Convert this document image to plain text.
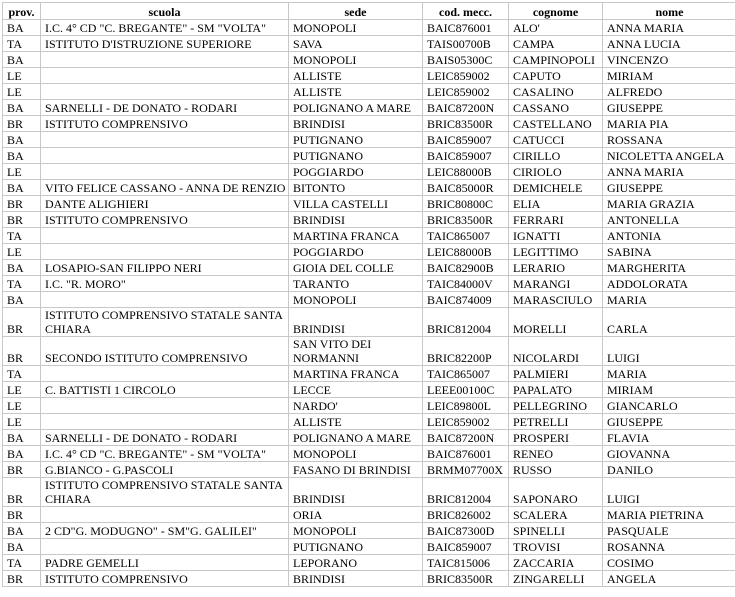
prov.	scuola	sede	cod. mecc.	cognome	nome
BA	I.C. 4° CD "C. BREGANTE" - SM "VOLTA"	MONOPOLI	BAIC876001	ALO'	ANNA MARIA
TA	ISTITUTO D'ISTRUZIONE SUPERIORE	SAVA	TAIS00700B	CAMPA	ANNA LUCIA
BA		MONOPOLI	BAIS05300C	CAMPINOPOLI	VINCENZO
LE		ALLISTE	LEIC859002	CAPUTO	MIRIAM
LE		ALLISTE	LEIC859002	CASALINO	ALFREDO
BA	SARNELLI - DE DONATO - RODARI	POLIGNANO A MARE	BAIC87200N	CASSANO	GIUSEPPE
BR	ISTITUTO COMPRENSIVO	BRINDISI	BRIC83500R	CASTELLANO	MARIA PIA
BA		PUTIGNANO	BAIC859007	CATUCCI	ROSSANA
BA		PUTIGNANO	BAIC859007	CIRILLO	NICOLETTA ANGELA
LE		POGGIARDO	LEIC88000B	CIRIOLO	ANNA MARIA
BA	VITO FELICE CASSANO - ANNA DE RENZIO	BITONTO	BAIC85000R	DEMICHELE	GIUSEPPE
BR	DANTE ALIGHIERI	VILLA CASTELLI	BRIC80800C	ELIA	MARIA GRAZIA
BR	ISTITUTO COMPRENSIVO	BRINDISI	BRIC83500R	FERRARI	ANTONELLA
TA		MARTINA FRANCA	TAIC865007	IGNATTI	ANTONIA
LE		POGGIARDO	LEIC88000B	LEGITTIMO	SABINA
BA	LOSAPIO-SAN FILIPPO NERI	GIOIA DEL COLLE	BAIC82900B	LERARIO	MARGHERITA
TA	I.C. "R. MORO"	TARANTO	TAIC84000V	MARANGI	ADDOLORATA
BA		MONOPOLI	BAIC874009	MARASCIULO	MARIA
BR	ISTITUTO COMPRENSIVO STATALE SANTA CHIARA	BRINDISI	BRIC812004	MORELLI	CARLA
BR	SECONDO ISTITUTO COMPRENSIVO	SAN VITO DEI NORMANNI	BRIC82200P	NICOLARDI	LUIGI
TA		MARTINA FRANCA	TAIC865007	PALMIERI	MARIA
LE	C. BATTISTI 1 CIRCOLO	LECCE	LEEE00100C	PAPALATO	MIRIAM
LE		NARDO'	LEIC89800L	PELLEGRINO	GIANCARLO
LE		ALLISTE	LEIC859002	PETRELLI	GIUSEPPE
BA	SARNELLI - DE DONATO - RODARI	POLIGNANO A MARE	BAIC87200N	PROSPERI	FLAVIA
BA	I.C. 4° CD "C. BREGANTE" - SM "VOLTA"	MONOPOLI	BAIC876001	RENEO	GIOVANNA
BR	G.BIANCO - G.PASCOLI	FASANO DI BRINDISI	BRMM07700X	RUSSO	DANILO
BR	ISTITUTO COMPRENSIVO STATALE SANTA CHIARA	BRINDISI	BRIC812004	SAPONARO	LUIGI
BR		ORIA	BRIC826002	SCALERA	MARIA PIETRINA
BA	2 CD"G. MODUGNO" - SM"G. GALILEI"	MONOPOLI	BAIC87300D	SPINELLI	PASQUALE
BA		PUTIGNANO	BAIC859007	TROVISI	ROSANNA
TA	PADRE GEMELLI	LEPORANO	TAIC815006	ZACCARIA	COSIMO
BR	ISTITUTO COMPRENSIVO	BRINDISI	BRIC83500R	ZINGARELLI	ANGELA
